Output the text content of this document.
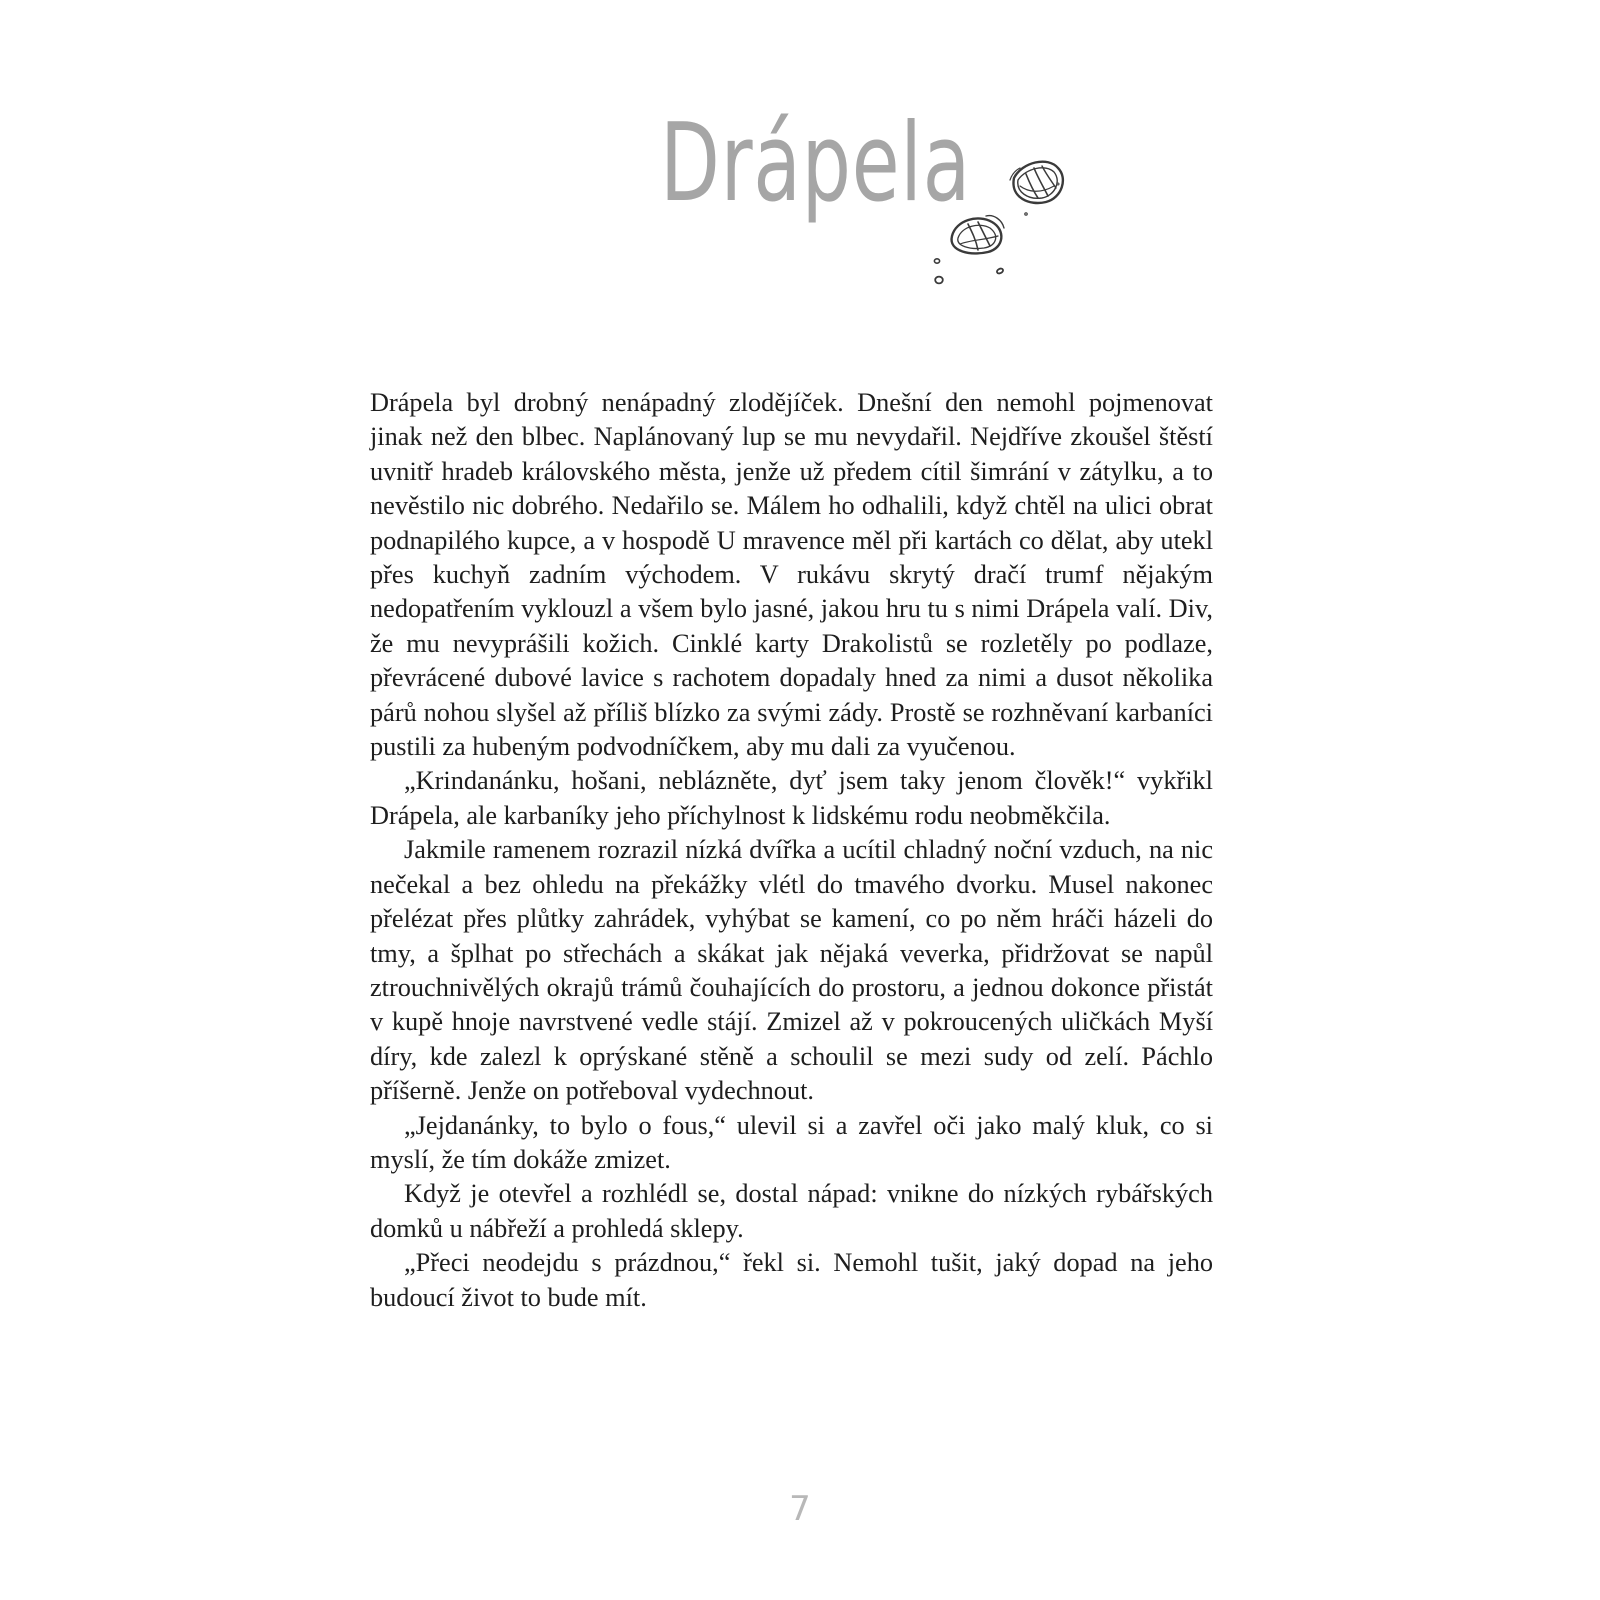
Drápela

Drápela byl drobný nenápadný zlodějíček. Dnešní den nemohl pojmenovat jinak než den blbec. Naplánovaný lup se mu nevydařil. Nejdříve zkoušel štěstí uvnitř hradeb královského města, jenže už předem cítil šimrání v zátylku, a to nevěstilo nic dobrého. Nedařilo se. Málem ho odhalili, když chtěl na ulici obrat podnapilého kupce, a v hospodě U mravence měl při kartách co dělat, aby utekl přes kuchyň zadním východem. V rukávu skrytý dračí trumf nějakým nedopatřením vyklouzl a všem bylo jasné, jakou hru tu s nimi Drápela valí. Div, že mu nevyprášili kožich. Cinklé karty Drakolistů se rozletěly po podlaze, převrácené dubové lavice s rachotem dopadaly hned za nimi a dusot několika párů nohou slyšel až příliš blízko za svými zády. Prostě se rozhněvaní karbaníci pustili za hubeným podvodníčkem, aby mu dali za vyučenou.

„Krindanánku, hošani, neblázněte, dyť jsem taky jenom člověk!“ vykřikl Drápela, ale karbaníky jeho příchylnost k lidskému rodu neobměkčila.

Jakmile ramenem rozrazil nízká dvířka a ucítil chladný noční vzduch, na nic nečekal a bez ohledu na překážky vlétl do tmavého dvorku. Musel nakonec přelézat přes plůtky zahrádek, vyhýbat se kamení, co po něm hráči házeli do tmy, a šplhat po střechách a skákat jak nějaká veverka, přidržovat se napůl ztrouchnivělých okrajů trámů čouhajících do prostoru, a jednou dokonce přistát v kupě hnoje navrstvené vedle stájí. Zmizel až v pokroucených uličkách Myší díry, kde zalezl k oprýskané stěně a schoulil se mezi sudy od zelí. Páchlo příšerně. Jenže on potřeboval vydechnout.

„Jejdanánky, to bylo o fous,“ ulevil si a zavřel oči jako malý kluk, co si myslí, že tím dokáže zmizet.

Když je otevřel a rozhlédl se, dostal nápad: vnikne do nízkých rybářských domků u nábřeží a prohledá sklepy.

„Přeci neodejdu s prázdnou,“ řekl si. Nemohl tušit, jaký dopad na jeho budoucí život to bude mít.

7
